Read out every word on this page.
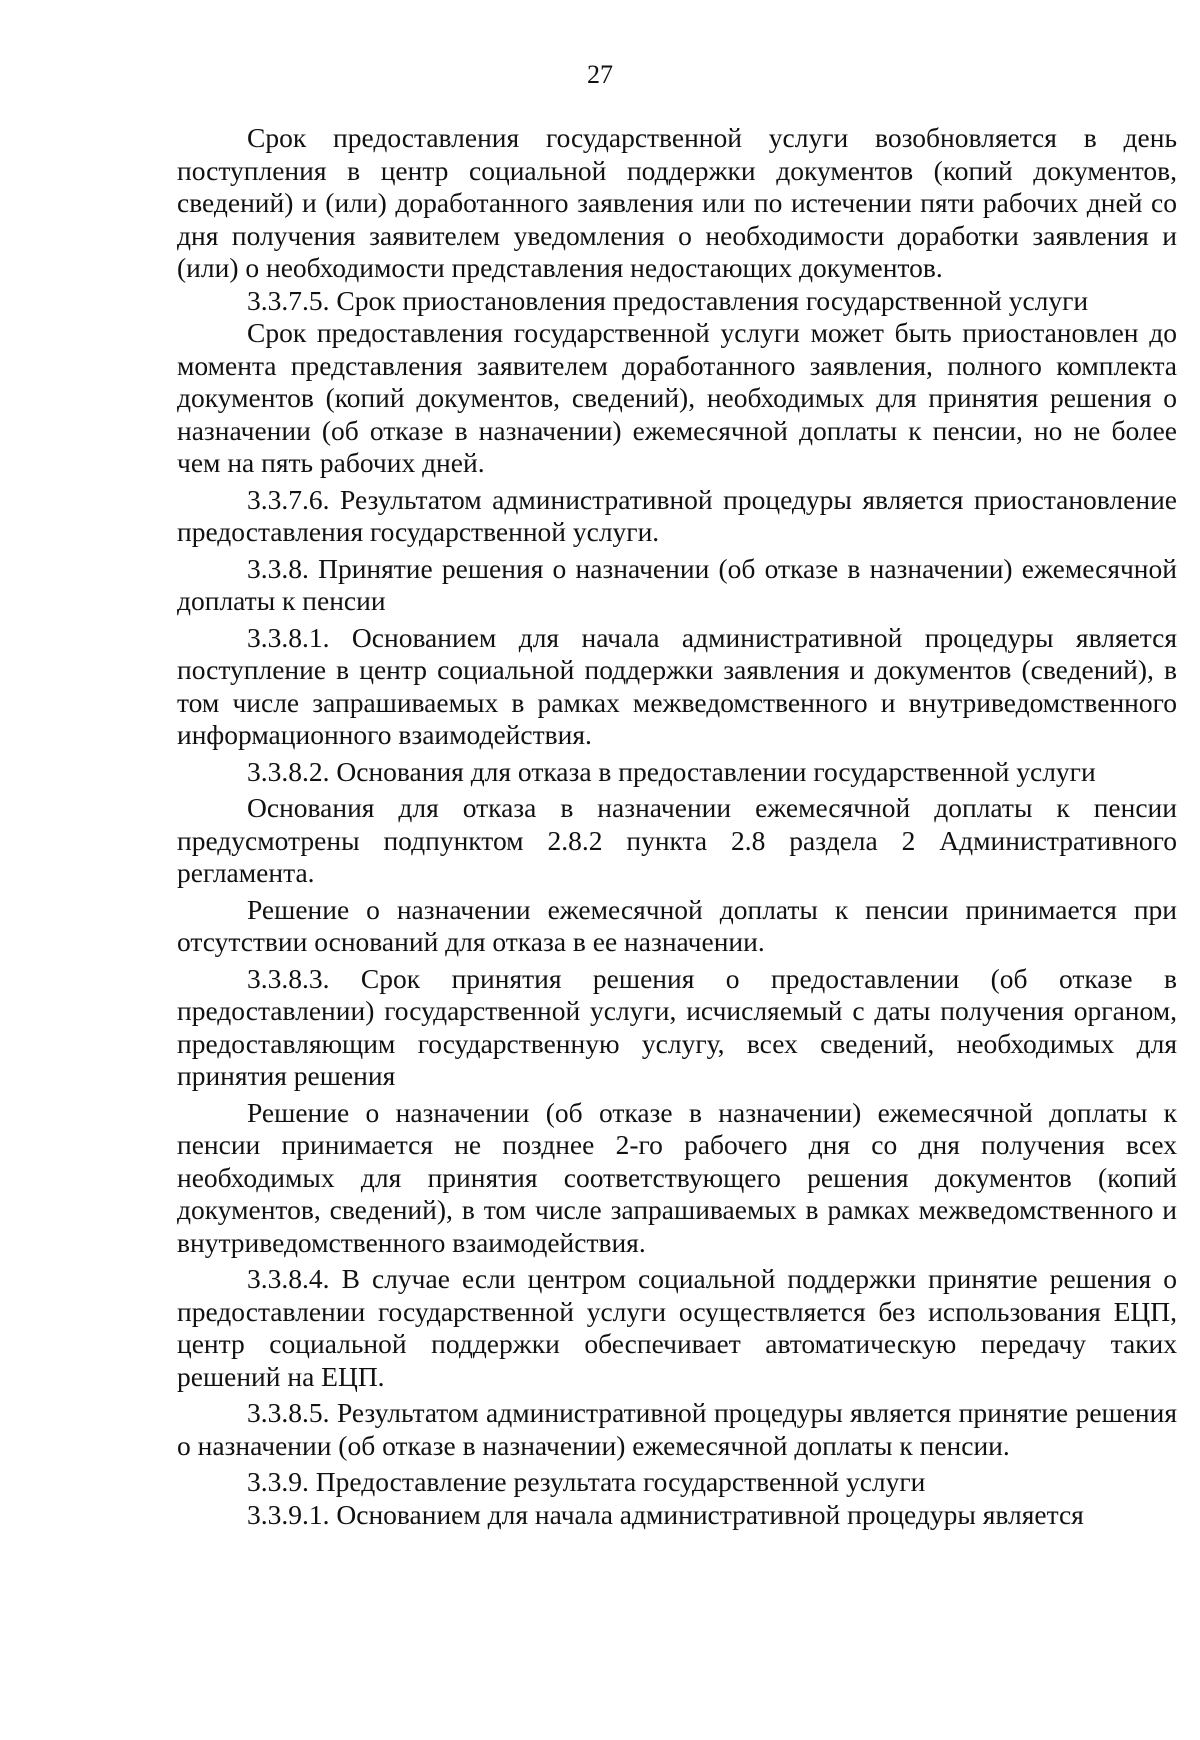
27

Срок предоставления государственной услуги возобновляется в день поступления в центр социальной поддержки документов (копий документов, сведений) и (или) доработанного заявления или по истечении пяти рабочих дней со дня получения заявителем уведомления о необходимости доработки заявления и (или) о необходимости представления недостающих документов.

3.3.7.5. Срок приостановления предоставления государственной услуги

Срок предоставления государственной услуги может быть приостановлен до момента представления заявителем доработанного заявления, полного комплекта документов (копий документов, сведений), необходимых для принятия решения о назначении (об отказе в назначении) ежемесячной доплаты к пенсии, но не более чем на пять рабочих дней.

3.3.7.6. Результатом административной процедуры является приостановление предоставления государственной услуги.

3.3.8. Принятие решения о назначении (об отказе в назначении) ежемесячной доплаты к пенсии

3.3.8.1. Основанием для начала административной процедуры является поступление в центр социальной поддержки заявления и документов (сведений), в том числе запрашиваемых в рамках межведомственного и внутриведомственного информационного взаимодействия.

3.3.8.2. Основания для отказа в предоставлении государственной услуги

Основания для отказа в назначении ежемесячной доплаты к пенсии предусмотрены подпунктом 2.8.2 пункта 2.8 раздела 2 Административного регламента.

Решение о назначении ежемесячной доплаты к пенсии принимается при отсутствии оснований для отказа в ее назначении.

3.3.8.3. Срок принятия решения о предоставлении (об отказе в предоставлении) государственной услуги, исчисляемый с даты получения органом, предоставляющим государственную услугу, всех сведений, необходимых для принятия решения

Решение о назначении (об отказе в назначении) ежемесячной доплаты к пенсии принимается не позднее 2-го рабочего дня со дня получения всех необходимых для принятия соответствующего решения документов (копий документов, сведений), в том числе запрашиваемых в рамках межведомственного и внутриведомственного взаимодействия.

3.3.8.4. В случае если центром социальной поддержки принятие решения о предоставлении государственной услуги осуществляется без использования ЕЦП, центр социальной поддержки обеспечивает автоматическую передачу таких решений на ЕЦП.

3.3.8.5. Результатом административной процедуры является принятие решения о назначении (об отказе в назначении) ежемесячной доплаты к пенсии.

3.3.9. Предоставление результата государственной услуги

3.3.9.1. Основанием для начала административной процедуры является
